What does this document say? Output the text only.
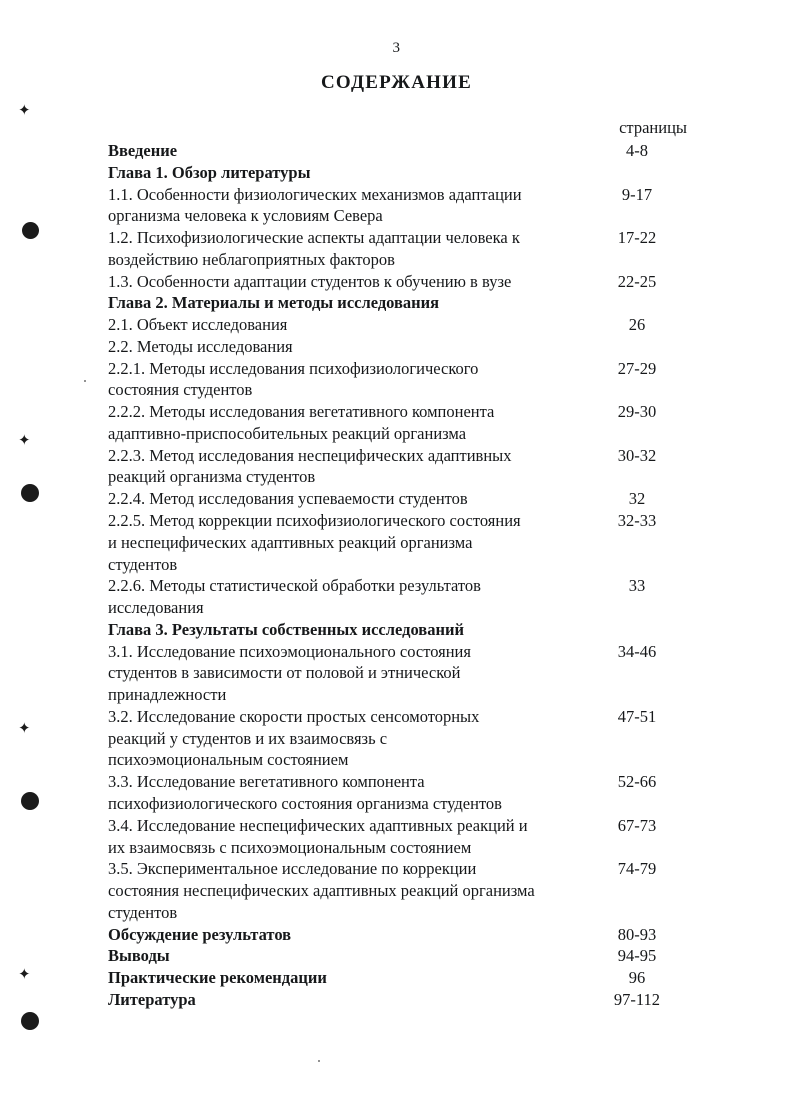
✦
✦
✦
✦
3
СОДЕРЖАНИЕ
страницы
Введение	4-8
Глава 1. Обзор литературы
1.1. Особенности физиологических механизмов адаптации	9-17
организма человека к условиям Севера
1.2. Психофизиологические аспекты адаптации человека к	17-22
воздействию неблагоприятных факторов
1.3. Особенности адаптации студентов к обучению в вузе	22-25
Глава 2. Материалы и методы исследования
2.1. Объект исследования	26
2.2. Методы исследования
2.2.1. Методы исследования психофизиологического	27-29
состояния студентов
2.2.2. Методы исследования вегетативного компонента	29-30
адаптивно-приспособительных реакций организма
2.2.3. Метод исследования неспецифических адаптивных	30-32
реакций организма студентов
2.2.4. Метод исследования успеваемости студентов	32
2.2.5. Метод коррекции психофизиологического состояния	32-33
и неспецифических адаптивных реакций организма
студентов
2.2.6. Методы статистической обработки результатов	33
исследования
Глава 3. Результаты собственных исследований
3.1. Исследование психоэмоционального состояния	34-46
студентов в зависимости от половой и этнической
принадлежности
3.2. Исследование скорости простых сенсомоторных	47-51
реакций у студентов и их взаимосвязь с
психоэмоциональным состоянием
3.3. Исследование вегетативного компонента	52-66
психофизиологического состояния организма студентов
3.4. Исследование неспецифических адаптивных реакций и	67-73
их взаимосвязь с психоэмоциональным состоянием
3.5. Экспериментальное исследование по коррекции	74-79
состояния неспецифических адаптивных реакций организма
студентов
Обсуждение результатов	80-93
Выводы	94-95
Практические рекомендации	96
Литература	97-112
